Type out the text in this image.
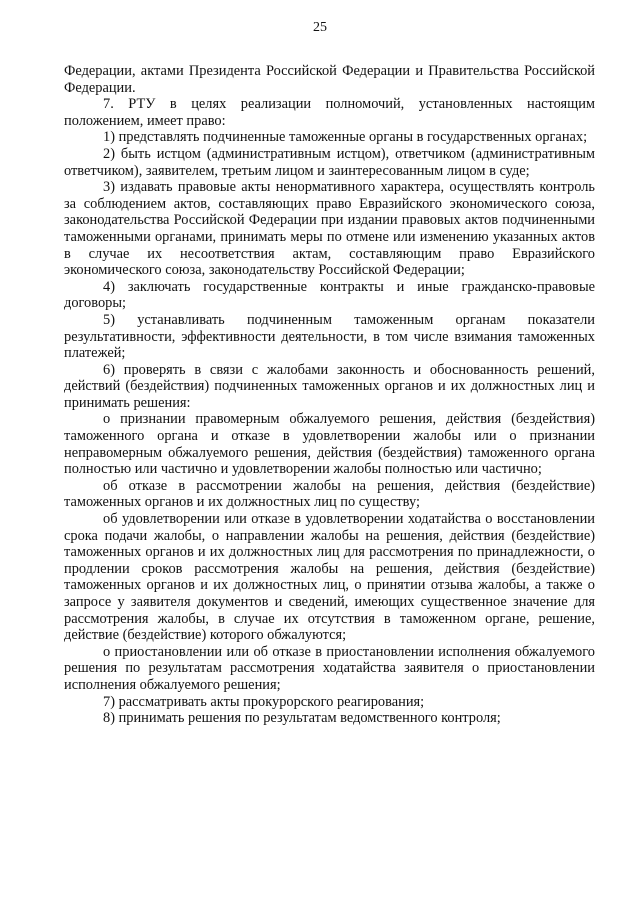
25

Федерации, актами Президента Российской Федерации и Правительства Российской Федерации.

7. РТУ в целях реализации полномочий, установленных настоящим положением, имеет право:

1) представлять подчиненные таможенные органы в государственных органах;

2) быть истцом (административным истцом), ответчиком (административным ответчиком), заявителем, третьим лицом и заинтересованным лицом в суде;

3) издавать правовые акты ненормативного характера, осуществлять контроль за соблюдением актов, составляющих право Евразийского экономического союза, законодательства Российской Федерации при издании правовых актов подчиненными таможенными органами, принимать меры по отмене или изменению указанных актов в случае их несоответствия актам, составляющим право Евразийского экономического союза, законодательству Российской Федерации;

4) заключать государственные контракты и иные гражданско-правовые договоры;

5) устанавливать подчиненным таможенным органам показатели результативности, эффективности деятельности, в том числе взимания таможенных платежей;

6) проверять в связи с жалобами законность и обоснованность решений, действий (бездействия) подчиненных таможенных органов и их должностных лиц и принимать решения:

о признании правомерным обжалуемого решения, действия (бездействия) таможенного органа и отказе в удовлетворении жалобы или о признании неправомерным обжалуемого решения, действия (бездействия) таможенного органа полностью или частично и удовлетворении жалобы полностью или частично;

об отказе в рассмотрении жалобы на решения, действия (бездействие) таможенных органов и их должностных лиц по существу;

об удовлетворении или отказе в удовлетворении ходатайства о восстановлении срока подачи жалобы, о направлении жалобы на решения, действия (бездействие) таможенных органов и их должностных лиц для рассмотрения по принадлежности, о продлении сроков рассмотрения жалобы на решения, действия (бездействие) таможенных органов и их должностных лиц, о принятии отзыва жалобы, а также о запросе у заявителя документов и сведений, имеющих существенное значение для рассмотрения жалобы, в случае их отсутствия в таможенном органе, решение, действие (бездействие) которого обжалуются;

о приостановлении или об отказе в приостановлении исполнения обжалуемого решения по результатам рассмотрения ходатайства заявителя о приостановлении исполнения обжалуемого решения;

7) рассматривать акты прокурорского реагирования;

8) принимать решения по результатам ведомственного контроля;
